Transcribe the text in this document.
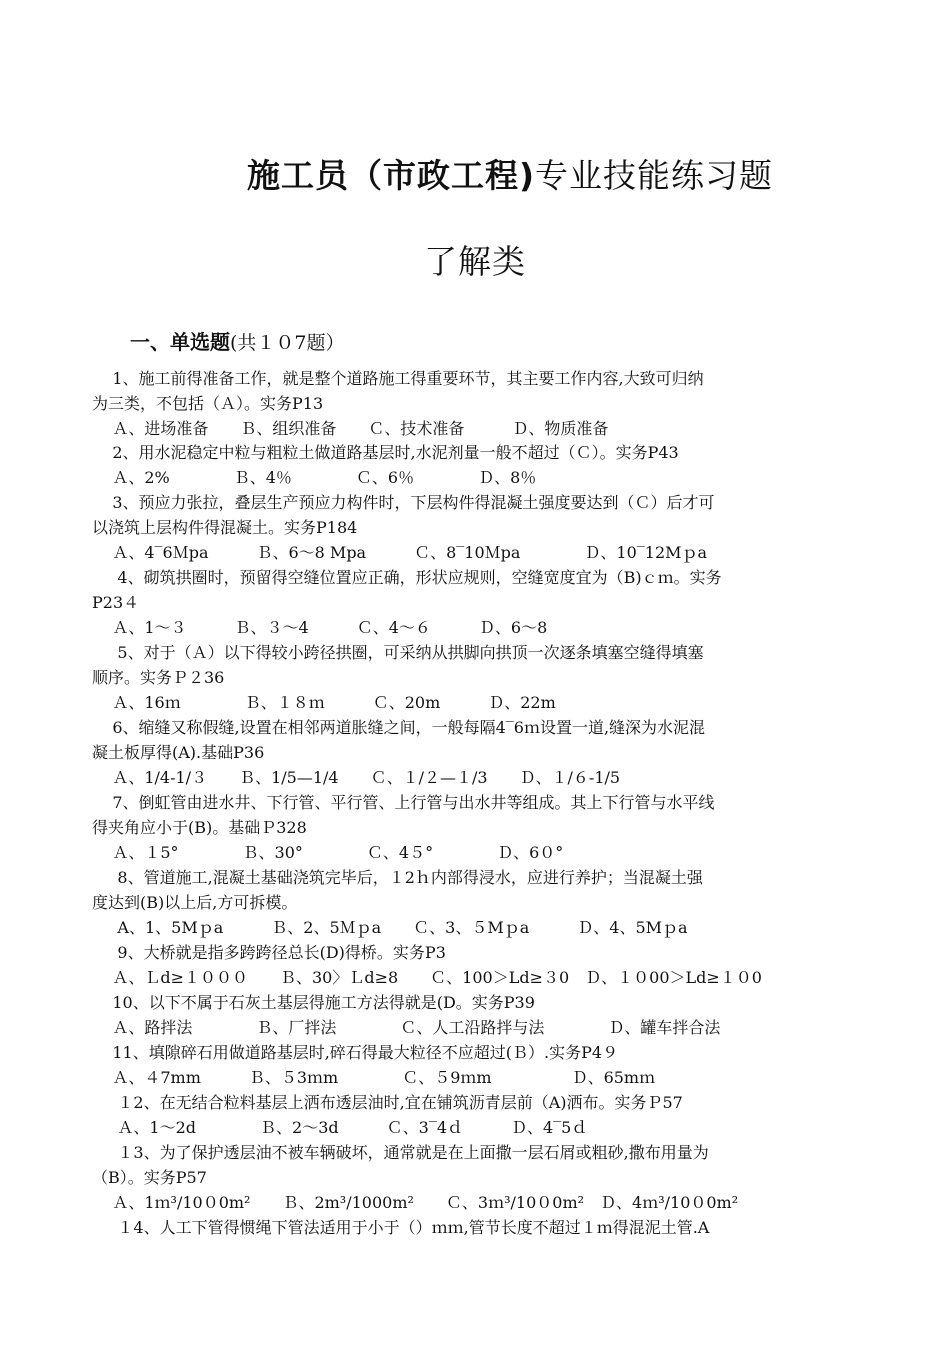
施工员（市政工程)专业技能练习题
了解类
一、单选题(共１０7题）
1、施工前得准备工作，就是整个道路施工得重要环节，其主要工作内容,大致可归纳
为三类，不包括（Ａ）。实务P13
Ａ、进场准备　　Ｂ、组织准备　　Ｃ、技术准备　　　Ｄ、物质准备
2、用水泥稳定中粒与粗粒土做道路基层时,水泥剂量一般不超过（Ｃ）。实务P43
Ａ、2%　　　　Ｂ、4％　　　　Ｃ、6％　　　　Ｄ、8％
3、预应力张拉，叠层生产预应力构件时，下层构件得混凝土强度要达到（Ｃ）后才可
以浇筑上层构件得混凝土。实务P184
Ａ、4‾6Ｍpa　　　Ｂ、6～8 Mpa　　　Ｃ、8‾10Ｍpa　　　　Ｄ、10‾12Mｐa
4、砌筑拱圈时，预留得空缝位置应正确，形状应规则，空缝宽度宜为（B)ｃｍ。实务
P23４
Ａ、1～３　　　Ｂ、３～4　　　Ｃ、4～６　　　Ｄ、6～8
5、对于（Ａ）以下得较小跨径拱圈，可采纳从拱脚向拱顶一次逐条填塞空缝得填塞
顺序。实务Ｐ２36
Ａ、16ｍ　　　　Ｂ、１８ｍ　　　Ｃ、20m　　　Ｄ、22m
6、缩缝又称假缝,设置在相邻两道胀缝之间，一般每隔4‾6ｍ设置一道,缝深为水泥混
凝土板厚得(A).基础P36
Ａ、1/4-1/３　　Ｂ、1/5—1/4　　Ｃ、１/２—１/3　　Ｄ、１/６-1/5
7、倒虹管由进水井、下行管、平行管、上行管与出水井等组成。其上下行管与水平线
得夹角应小于(B)。基础Ｐ328
Ａ、１5°　　　　Ｂ、30°　　　　Ｃ、4５°　　　　Ｄ、6０°
8、管道施工,混凝土基础浇筑完毕后，１2ｈ内部得浸水，应进行养护；当混凝土强
度达到(B)以上后,方可拆模。
A、1、5Mｐa　　　Ｂ、2、5Ｍｐa　　Ｃ、3、５Mｐa　　　Ｄ、4、5Mｐa
9、大桥就是指多跨跨径总长(D)得桥。实务P3
Ａ、Ｌd≥１０００　　Ｂ、30〉Ｌd≥8　　Ｃ、100＞Ld≥３0　Ｄ、１０00＞Ld≥１０0
10、以下不属于石灰土基层得施工方法得就是(D。实务P39
Ａ、路拌法　　　　Ｂ、厂拌法　　　　Ｃ、人工沿路拌与法　　　　Ｄ、罐车拌合法
11、填隙碎石用做道路基层时,碎石得最大粒径不应超过(Ｂ）.实务P4９
Ａ、４7mm　　　Ｂ、５3ｍm　　　　Ｃ、５9ｍm　　　　　Ｄ、65mｍ
１2、在无结合粒料基层上洒布透层油时,宜在铺筑沥青层前（A)洒布。实务Ｐ57
Ａ、1～2d　　　　Ｂ、2～3d　　　Ｃ、3‾4ｄ　　　Ｄ、4‾5ｄ
１3、为了保护透层油不被车辆破坏，通常就是在上面撒一层石屑或粗砂,撒布用量为
（B）。实务P57
Ａ、1ｍ³/10０0m²　　Ｂ、2m³/1000m²　　Ｃ、3ｍ³/10０0m²　Ｄ、4ｍ³/10０0m²
１4、人工下管得惯绳下管法适用于小于（）ｍｍ,管节长度不超过１ｍ得混泥土管.A
